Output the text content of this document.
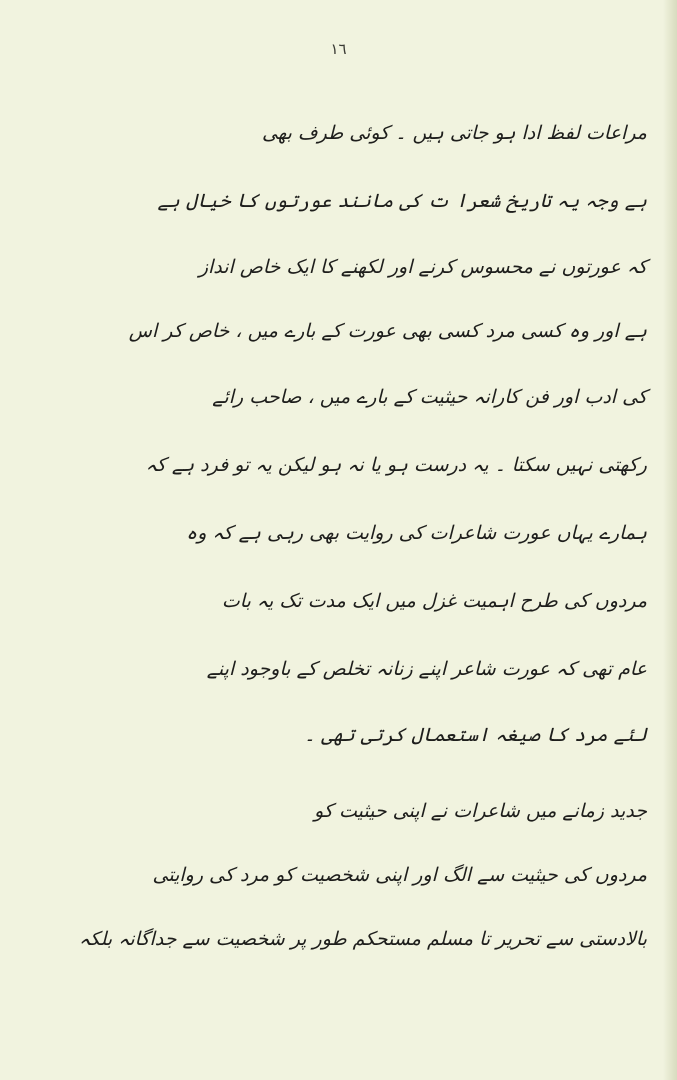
١٦
مراعات لفظ ادا ہو جاتی ہیں ۔ کوئی طرف بھی
ہے وجہ یہ تاریخ شعرا ت کی مانند عورتوں کا خیال ہے
کہ عورتوں نے محسوس کرنے اور لکھنے کا ایک خاص انداز
ہے اور وہ کسی مرد کسی بھی عورت کے بارے میں ، خاص کر اس
کی ادب اور فن کارانہ حیثیت کے بارے میں ، صاحب رائے
رکھتی نہیں سکتا ۔ یہ درست ہو یا نہ ہو لیکن یہ تو فرد ہے کہ
ہمارے یہاں عورت شاعرات کی روایت بھی رہی ہے کہ وہ
مردوں کی طرح اہمیت غزل میں ایک مدت تک یہ بات
عام تھی کہ عورت شاعر اپنے زنانہ تخلص کے باوجود اپنے
لئے مرد کا صیغہ استعمال کرتی تھی ۔
جدید زمانے میں شاعرات نے اپنی حیثیت کو
مردوں کی حیثیت سے الگ اور اپنی شخصیت کو مرد کی روایتی
بالادستی سے تحریر تا مسلم مستحکم طور پر شخصیت سے جداگانہ بلکہ
